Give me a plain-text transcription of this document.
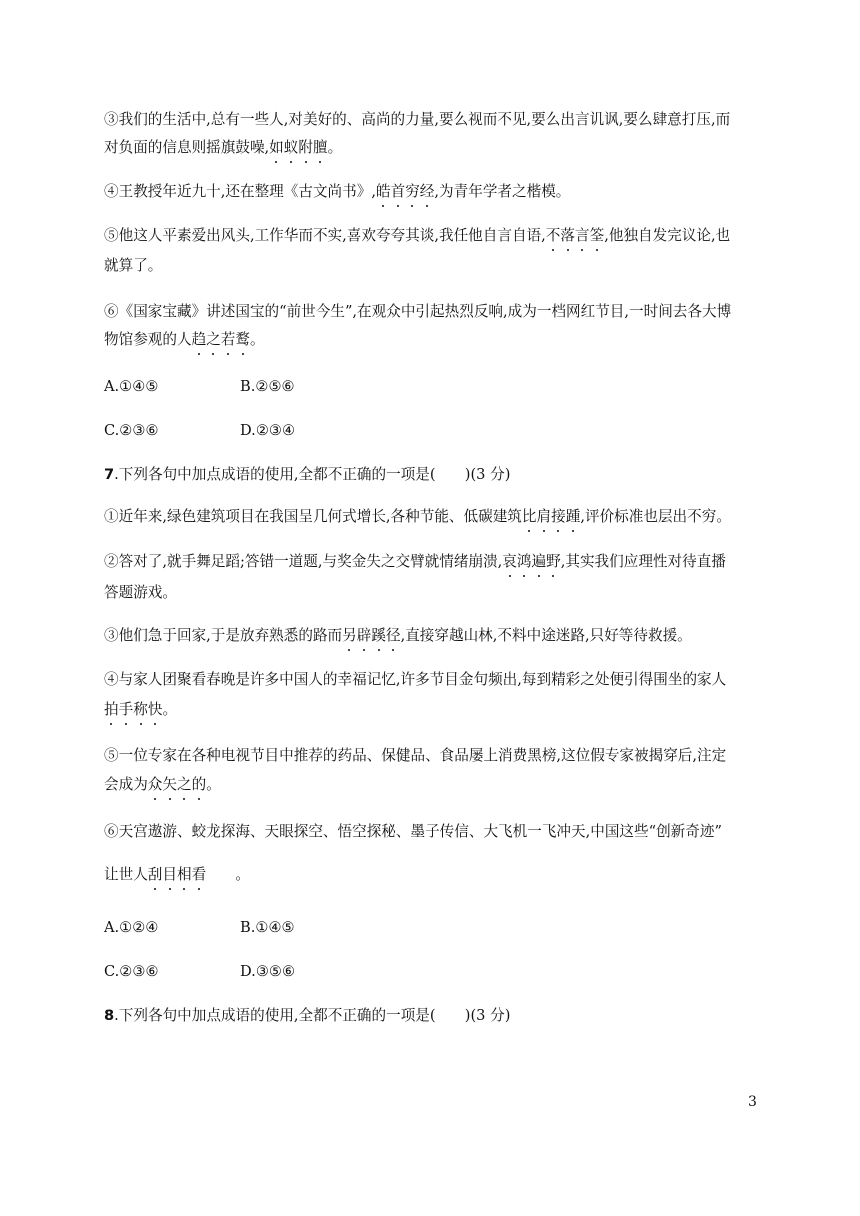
③我们的生活中,总有一些人,对美好的、高尚的力量,要么视而不见,要么出言讥讽,要么肆意打压,而
对负面的信息则摇旗鼓噪,如蚁附膻。
④王教授年近九十,还在整理《古文尚书》,皓首穷经,为青年学者之楷模。
⑤他这人平素爱出风头,工作华而不实,喜欢夸夸其谈,我任他自言自语,不落言筌,他独自发完议论,也
就算了。
⑥《国家宝藏》讲述国宝的“前世今生”,在观众中引起热烈反响,成为一档网红节目,一时间去各大博
物馆参观的人趋之若鹜。
A.①④⑤	B.②⑤⑥
C.②③⑥	D.②③④
7.下列各句中加点成语的使用,全都不正确的一项是(　　)(3 分)
①近年来,绿色建筑项目在我国呈几何式增长,各种节能、低碳建筑比肩接踵,评价标准也层出不穷。
②答对了,就手舞足蹈;答错一道题,与奖金失之交臂就情绪崩溃,哀鸿遍野,其实我们应理性对待直播
答题游戏。
③他们急于回家,于是放弃熟悉的路而另辟蹊径,直接穿越山林,不料中途迷路,只好等待救援。
④与家人团聚看春晚是许多中国人的幸福记忆,许多节目金句频出,每到精彩之处便引得围坐的家人
拍手称快。
⑤一位专家在各种电视节目中推荐的药品、保健品、食品屡上消费黑榜,这位假专家被揭穿后,注定
会成为众矢之的。
⑥天宫遨游、蛟龙探海、天眼探空、悟空探秘、墨子传信、大飞机一飞冲天,中国这些“创新奇迹”
让世人刮目相看　　。
A.①②④	B.①④⑤
C.②③⑥	D.③⑤⑥
8.下列各句中加点成语的使用,全都不正确的一项是(　　)(3 分)
3
